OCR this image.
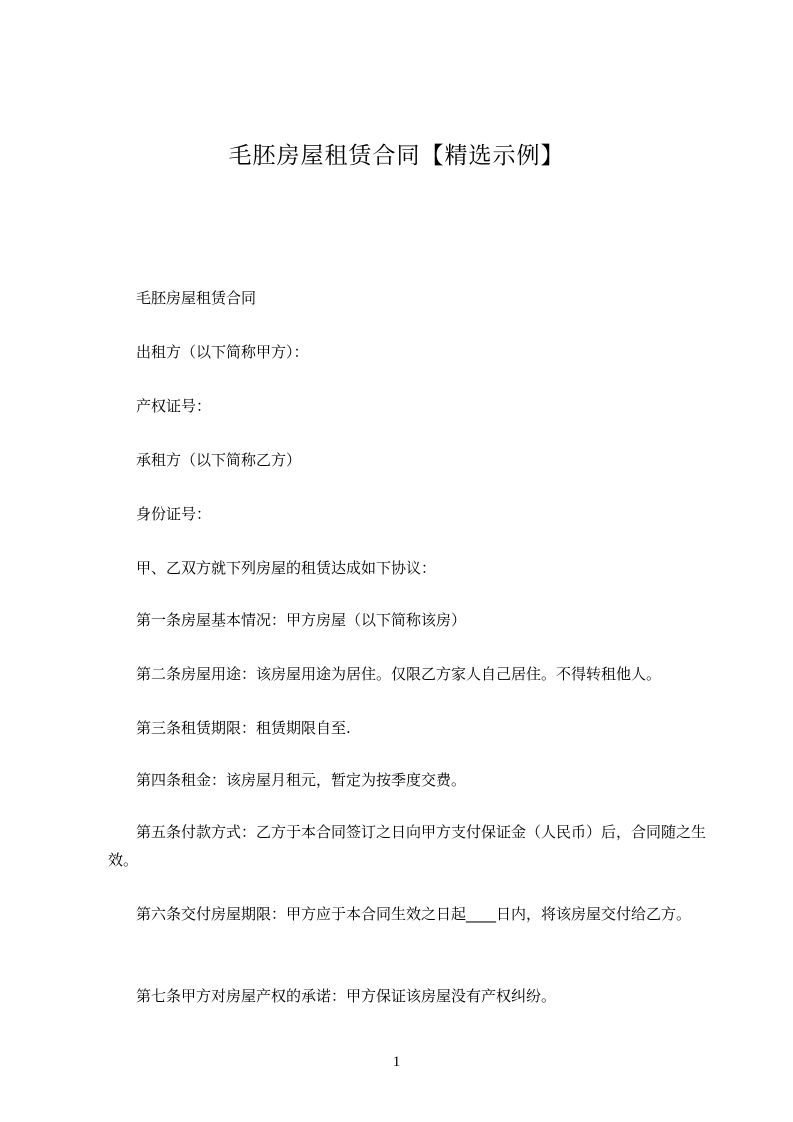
毛胚房屋租赁合同【精选示例】
毛胚房屋租赁合同
出租方（以下简称甲方）：
产权证号：
承租方（以下简称乙方）
身份证号：
甲、乙双方就下列房屋的租赁达成如下协议：
第一条房屋基本情况：甲方房屋（以下简称该房）
第二条房屋用途：该房屋用途为居住。仅限乙方家人自己居住。不得转租他人。
第三条租赁期限：租赁期限自至.
第四条租金：该房屋月租元，暂定为按季度交费。
第五条付款方式：乙方于本合同签订之日向甲方支付保证金（人民币）后，合同随之生效。
第六条交付房屋期限：甲方应于本合同生效之日起____日内，将该房屋交付给乙方。
第七条甲方对房屋产权的承诺：甲方保证该房屋没有产权纠纷。
1
